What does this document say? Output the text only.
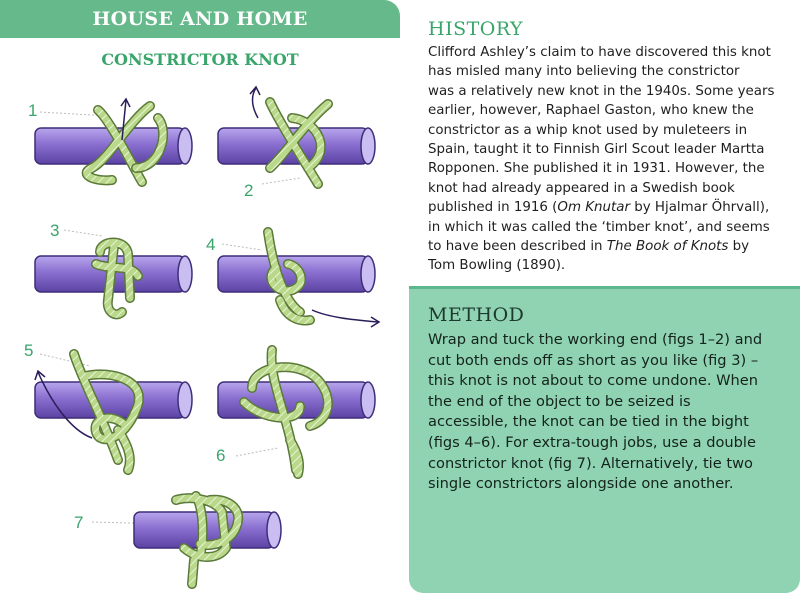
HOUSE AND HOME
CONSTRICTOR KNOT
1
2
3
4
5
6
7
HISTORY
Clifford Ashley’s claim to have discovered this knot
has misled many into believing the constrictor
was a relatively new knot in the 1940s. Some years
earlier, however, Raphael Gaston, who knew the
constrictor as a whip knot used by muleteers in
Spain, taught it to Finnish Girl Scout leader Martta
Ropponen. She published it in 1931. However, the
knot had already appeared in a Swedish book
published in 1916 (Om Knutar by Hjalmar Öhrvall),
in which it was called the ‘timber knot’, and seems
to have been described in The Book of Knots by
Tom Bowling (1890).
METHOD
Wrap and tuck the working end (figs 1–2) and
cut both ends off as short as you like (fig 3) –
this knot is not about to come undone. When
the end of the object to be seized is
accessible, the knot can be tied in the bight
(figs 4–6). For extra-tough jobs, use a double
constrictor knot (fig 7). Alternatively, tie two
single constrictors alongside one another.
